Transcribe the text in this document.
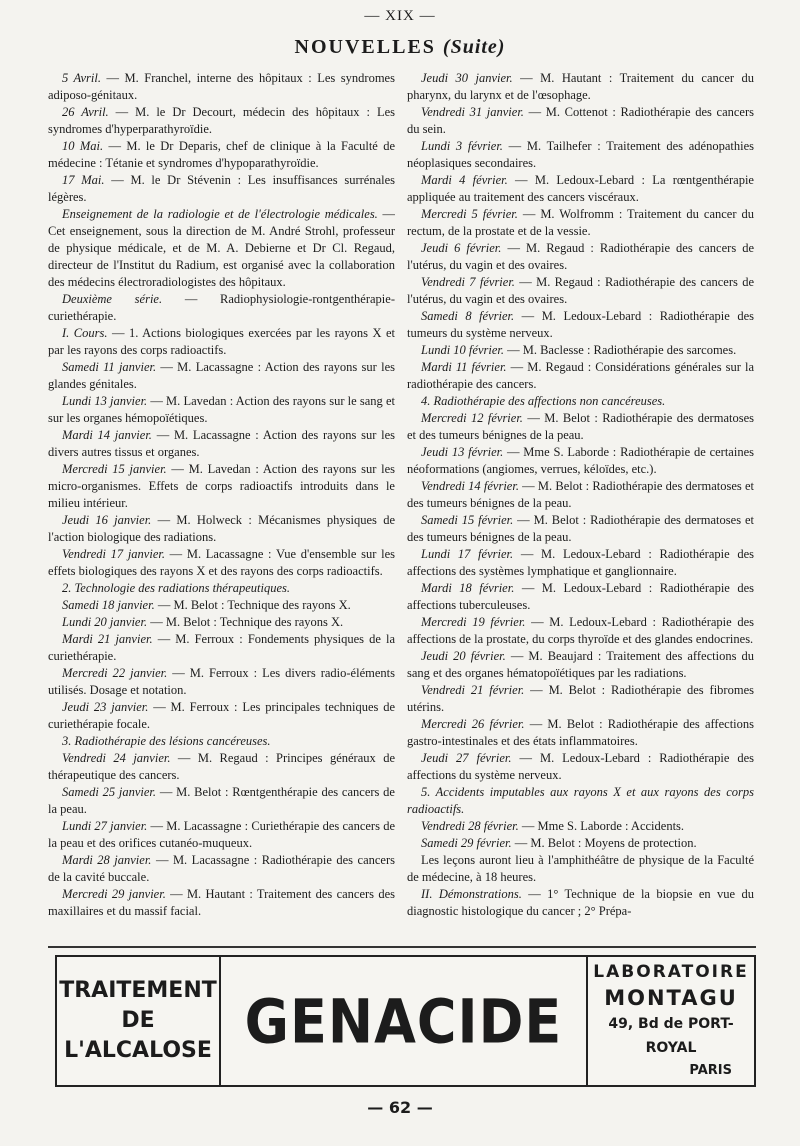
— XIX —
NOUVELLES (Suite)

5 Avril. — M. Franchel, interne des hôpitaux : Les syndromes adiposo-génitaux.

26 Avril. — M. le Dr Decourt, médecin des hôpitaux : Les syndromes d'hyperparathyroïdie.

10 Mai. — M. le Dr Deparis, chef de clinique à la Faculté de médecine : Tétanie et syndromes d'hypoparathyroïdie.

17 Mai. — M. le Dr Stévenin : Les insuffisances surrénales légères.

Enseignement de la radiologie et de l'électrologie médicales. — Cet enseignement, sous la direction de M. André Strohl, professeur de physique médicale, et de M. A. Debierne et Dr Cl. Regaud, directeur de l'Institut du Radium, est organisé avec la collaboration des médecins électroradiologistes des hôpitaux.

Deuxième série. — Radiophysiologie-rontgenthérapie-curiethérapie.

I. Cours. — 1. Actions biologiques exercées par les rayons X et par les rayons des corps radioactifs.

Samedi 11 janvier. — M. Lacassagne : Action des rayons sur les glandes génitales.

Lundi 13 janvier. — M. Lavedan : Action des rayons sur le sang et sur les organes hémopoïétiques.

Mardi 14 janvier. — M. Lacassagne : Action des rayons sur les divers autres tissus et organes.

Mercredi 15 janvier. — M. Lavedan : Action des rayons sur les micro-organismes. Effets de corps radioactifs introduits dans le milieu intérieur.

Jeudi 16 janvier. — M. Holweck : Mécanismes physiques de l'action biologique des radiations.

Vendredi 17 janvier. — M. Lacassagne : Vue d'ensemble sur les effets biologiques des rayons X et des rayons des corps radioactifs.

2. Technologie des radiations thérapeutiques.

Samedi 18 janvier. — M. Belot : Technique des rayons X.

Lundi 20 janvier. — M. Belot : Technique des rayons X.

Mardi 21 janvier. — M. Ferroux : Fondements physiques de la curiethérapie.

Mercredi 22 janvier. — M. Ferroux : Les divers radio-éléments utilisés. Dosage et notation.

Jeudi 23 janvier. — M. Ferroux : Les principales techniques de curiethérapie focale.

3. Radiothérapie des lésions cancéreuses.

Vendredi 24 janvier. — M. Regaud : Principes généraux de thérapeutique des cancers.

Samedi 25 janvier. — M. Belot : Rœntgenthérapie des cancers de la peau.

Lundi 27 janvier. — M. Lacassagne : Curiethérapie des cancers de la peau et des orifices cutanéo-muqueux.

Mardi 28 janvier. — M. Lacassagne : Radiothérapie des cancers de la cavité buccale.

Mercredi 29 janvier. — M. Hautant : Traitement des cancers des maxillaires et du massif facial.

Jeudi 30 janvier. — M. Hautant : Traitement du cancer du pharynx, du larynx et de l'œsophage.

Vendredi 31 janvier. — M. Cottenot : Radiothérapie des cancers du sein.

Lundi 3 février. — M. Tailhefer : Traitement des adénopathies néoplasiques secondaires.

Mardi 4 février. — M. Ledoux-Lebard : La rœntgenthérapie appliquée au traitement des cancers viscéraux.

Mercredi 5 février. — M. Wolfromm : Traitement du cancer du rectum, de la prostate et de la vessie.

Jeudi 6 février. — M. Regaud : Radiothérapie des cancers de l'utérus, du vagin et des ovaires.

Vendredi 7 février. — M. Regaud : Radiothérapie des cancers de l'utérus, du vagin et des ovaires.

Samedi 8 février. — M. Ledoux-Lebard : Radiothérapie des tumeurs du système nerveux.

Lundi 10 février. — M. Baclesse : Radiothérapie des sarcomes.

Mardi 11 février. — M. Regaud : Considérations générales sur la radiothérapie des cancers.

4. Radiothérapie des affections non cancéreuses.

Mercredi 12 février. — M. Belot : Radiothérapie des dermatoses et des tumeurs bénignes de la peau.

Jeudi 13 février. — Mme S. Laborde : Radiothérapie de certaines néoformations (angiomes, verrues, kéloïdes, etc.).

Vendredi 14 février. — M. Belot : Radiothérapie des dermatoses et des tumeurs bénignes de la peau.

Samedi 15 février. — M. Belot : Radiothérapie des dermatoses et des tumeurs bénignes de la peau.

Lundi 17 février. — M. Ledoux-Lebard : Radiothérapie des affections des systèmes lymphatique et ganglionnaire.

Mardi 18 février. — M. Ledoux-Lebard : Radiothérapie des affections tuberculeuses.

Mercredi 19 février. — M. Ledoux-Lebard : Radiothérapie des affections de la prostate, du corps thyroïde et des glandes endocrines.

Jeudi 20 février. — M. Beaujard : Traitement des affections du sang et des organes hématopoïétiques par les radiations.

Vendredi 21 février. — M. Belot : Radiothérapie des fibromes utérins.

Mercredi 26 février. — M. Belot : Radiothérapie des affections gastro-intestinales et des états inflammatoires.

Jeudi 27 février. — M. Ledoux-Lebard : Radiothérapie des affections du système nerveux.

5. Accidents imputables aux rayons X et aux rayons des corps radioactifs.

Vendredi 28 février. — Mme S. Laborde : Accidents.

Samedi 29 février. — M. Belot : Moyens de protection.

Les leçons auront lieu à l'amphithéâtre de physique de la Faculté de médecine, à 18 heures.

II. Démonstrations. — 1° Technique de la biopsie en vue du diagnostic histologique du cancer ; 2° Prépa-

TRAITEMENT
DE
L'ALCALOSE GENACIDE
LABORATOIRE
MONTAGU
49, Bd de PORT-ROYAL
PARIS
— 62 —
